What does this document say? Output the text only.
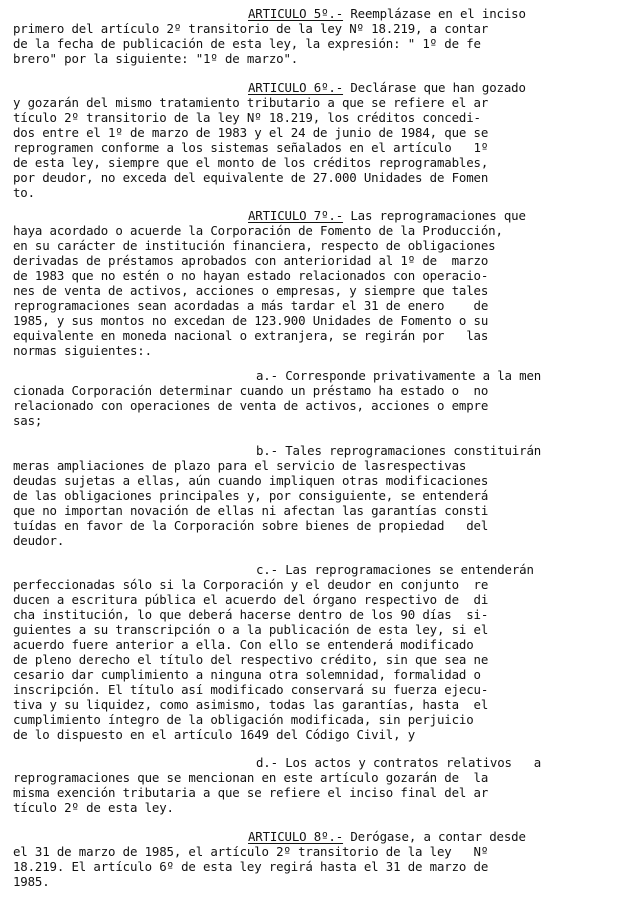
ARTICULO 5º.- Reemplázase en el inciso
primero del artículo 2º transitorio de la ley Nº 18.219, a contar
de la fecha de publicación de esta ley, la expresión: " 1º de fe
brero" por la siguiente: "1º de marzo".
ARTICULO 6º.- Declárase que han gozado
y gozarán del mismo tratamiento tributario a que se refiere el ar
tículo 2º transitorio de la ley Nº 18.219, los créditos concedi-
dos entre el 1º de marzo de 1983 y el 24 de junio de 1984, que se
reprogramen conforme a los sistemas señalados en el artículo   1º
de esta ley, siempre que el monto de los créditos reprogramables,
por deudor, no exceda del equivalente de 27.000 Unidades de Fomen
to.
ARTICULO 7º.- Las reprogramaciones que
haya acordado o acuerde la Corporación de Fomento de la Producción,
en su carácter de institución financiera, respecto de obligaciones
derivadas de préstamos aprobados con anterioridad al 1º de  marzo
de 1983 que no estén o no hayan estado relacionados con operacio-
nes de venta de activos, acciones o empresas, y siempre que tales
reprogramaciones sean acordadas a más tardar el 31 de enero    de
1985, y sus montos no excedan de 123.900 Unidades de Fomento o su
equivalente en moneda nacional o extranjera, se regirán por   las
normas siguientes:.
a.- Corresponde privativamente a la men
cionada Corporación determinar cuando un préstamo ha estado o  no
relacionado con operaciones de venta de activos, acciones o empre
sas;
b.- Tales reprogramaciones constituirán
meras ampliaciones de plazo para el servicio de lasrespectivas
deudas sujetas a ellas, aún cuando impliquen otras modificaciones
de las obligaciones principales y, por consiguiente, se entenderá
que no importan novación de ellas ni afectan las garantías consti
tuídas en favor de la Corporación sobre bienes de propiedad   del
deudor.
c.- Las reprogramaciones se entenderán
perfeccionadas sólo si la Corporación y el deudor en conjunto  re
ducen a escritura pública el acuerdo del órgano respectivo de  di
cha institución, lo que deberá hacerse dentro de los 90 días  si-
guientes a su transcripción o a la publicación de esta ley, si el
acuerdo fuere anterior a ella. Con ello se entenderá modificado
de pleno derecho el título del respectivo crédito, sin que sea ne
cesario dar cumplimiento a ninguna otra solemnidad, formalidad o
inscripción. El título así modificado conservará su fuerza ejecu-
tiva y su liquidez, como asimismo, todas las garantías, hasta  el
cumplimiento íntegro de la obligación modificada, sin perjuicio
de lo dispuesto en el artículo 1649 del Código Civil, y
d.- Los actos y contratos relativos   a
reprogramaciones que se mencionan en este artículo gozarán de  la
misma exención tributaria a que se refiere el inciso final del ar
tículo 2º de esta ley.
ARTICULO 8º.- Derógase, a contar desde
el 31 de marzo de 1985, el artículo 2º transitorio de la ley   Nº
18.219. El artículo 6º de esta ley regirá hasta el 31 de marzo de
1985.
